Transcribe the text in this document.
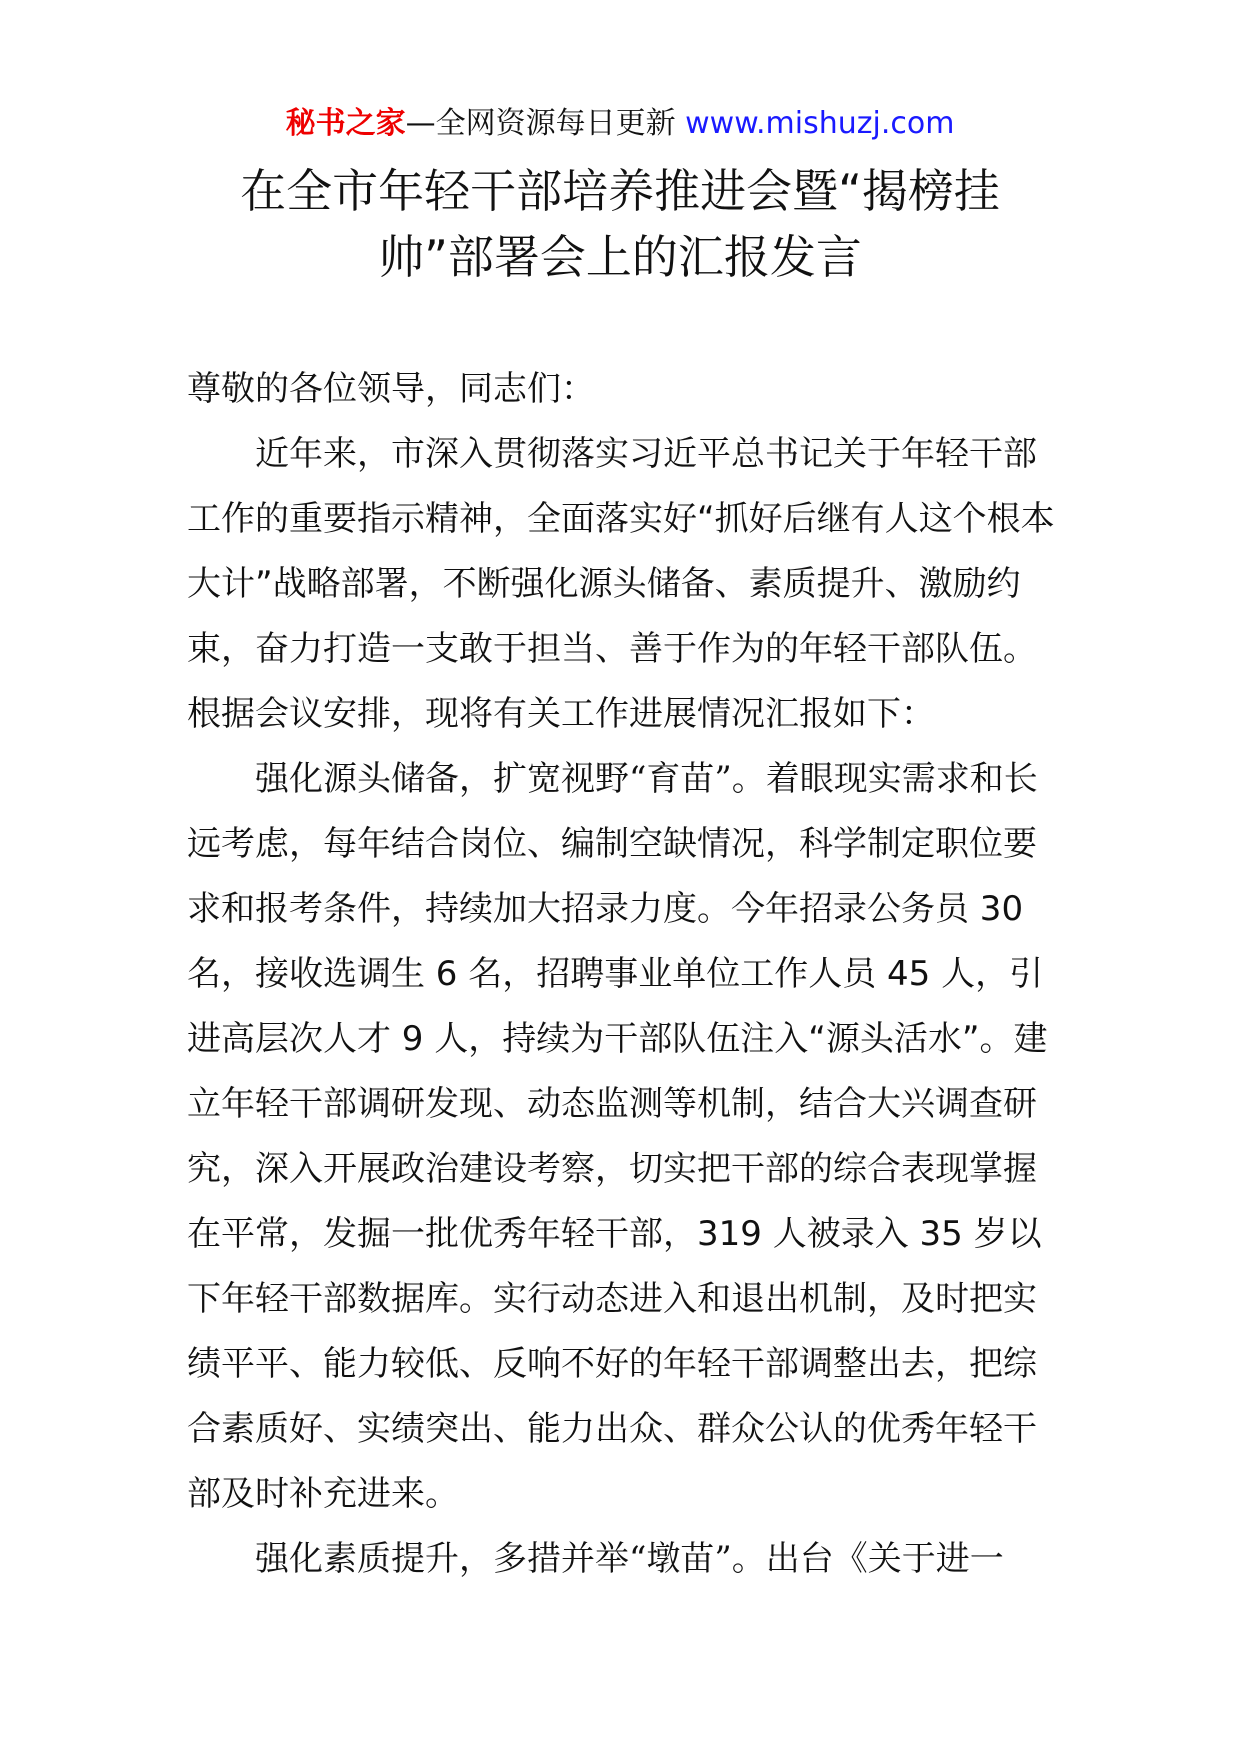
秘书之家—全网资源每日更新 www.mishuzj.com
在全市年轻干部培养推进会暨“揭榜挂帅”部署会上的汇报发言

尊敬的各位领导，同志们：

近年来，市深入贯彻落实习近平总书记关于年轻干部工作的重要指示精神，全面落实好“抓好后继有人这个根本大计”战略部署，不断强化源头储备、素质提升、激励约束，奋力打造一支敢于担当、善于作为的年轻干部队伍。根据会议安排，现将有关工作进展情况汇报如下：

强化源头储备，扩宽视野“育苗”。着眼现实需求和长远考虑，每年结合岗位、编制空缺情况，科学制定职位要求和报考条件，持续加大招录力度。今年招录公务员 30 名，接收选调生 6 名，招聘事业单位工作人员 45 人，引进高层次人才 9 人，持续为干部队伍注入“源头活水”。建立年轻干部调研发现、动态监测等机制，结合大兴调查研究，深入开展政治建设考察，切实把干部的综合表现掌握在平常，发掘一批优秀年轻干部，319 人被录入 35 岁以下年轻干部数据库。实行动态进入和退出机制，及时把实绩平平、能力较低、反响不好的年轻干部调整出去，把综合素质好、实绩突出、能力出众、群众公认的优秀年轻干部及时补充进来。

强化素质提升，多措并举“墩苗”。出台《关于进一
